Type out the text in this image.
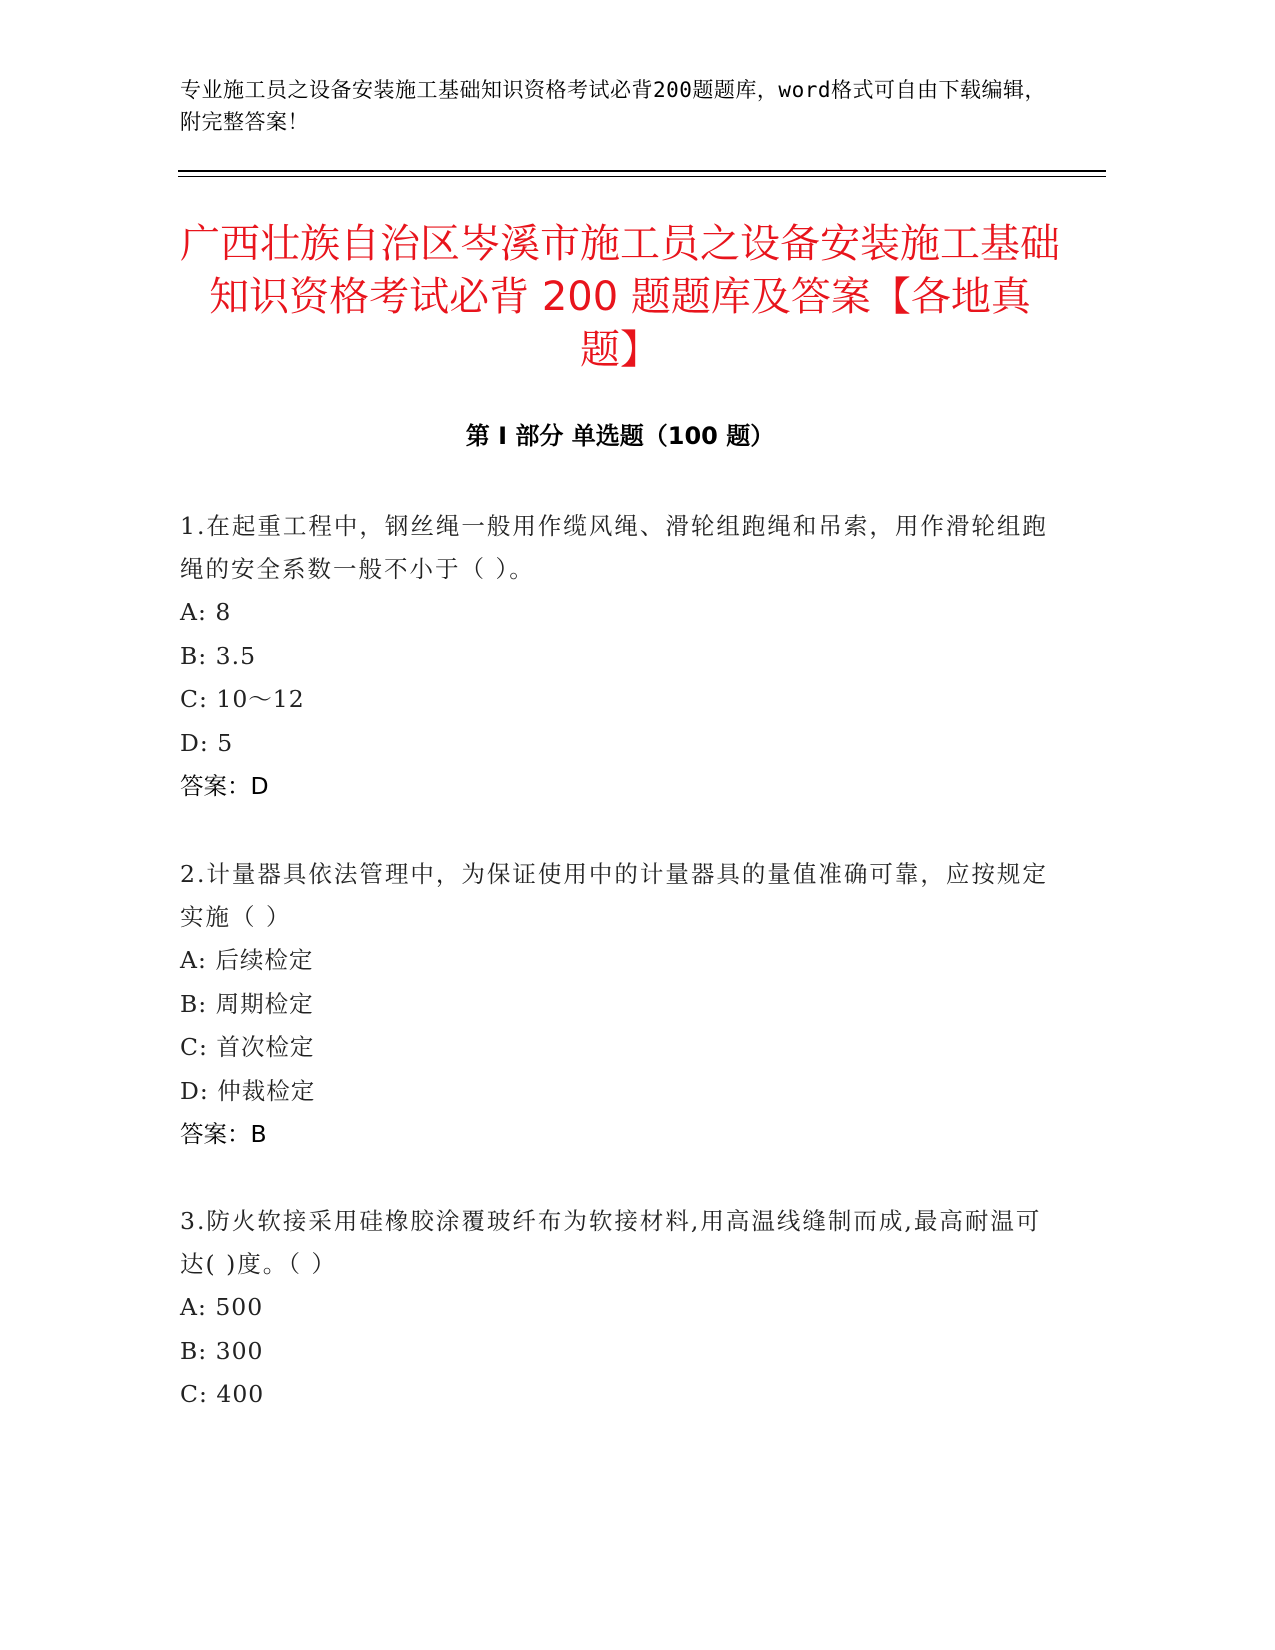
专业施工员之设备安装施工基础知识资格考试必背200题题库，word格式可自由下载编辑，附完整答案！
广西壮族自治区岑溪市施工员之设备安装施工基础知识资格考试必背 200 题题库及答案【各地真题】
第 I 部分 单选题（100 题）

1.在起重工程中，钢丝绳一般用作缆风绳、滑轮组跑绳和吊索，用作滑轮组跑绳的安全系数一般不小于（ ）。

A: 8

B: 3.5

C: 10～12

D: 5

答案：D

2.计量器具依法管理中，为保证使用中的计量器具的量值准确可靠，应按规定实施（ ）

A: 后续检定

B: 周期检定

C: 首次检定

D: 仲裁检定

答案：B

3.防火软接采用硅橡胶涂覆玻纤布为软接材料,用高温线缝制而成,最高耐温可达( )度。（ ）

A: 500

B: 300

C: 400
